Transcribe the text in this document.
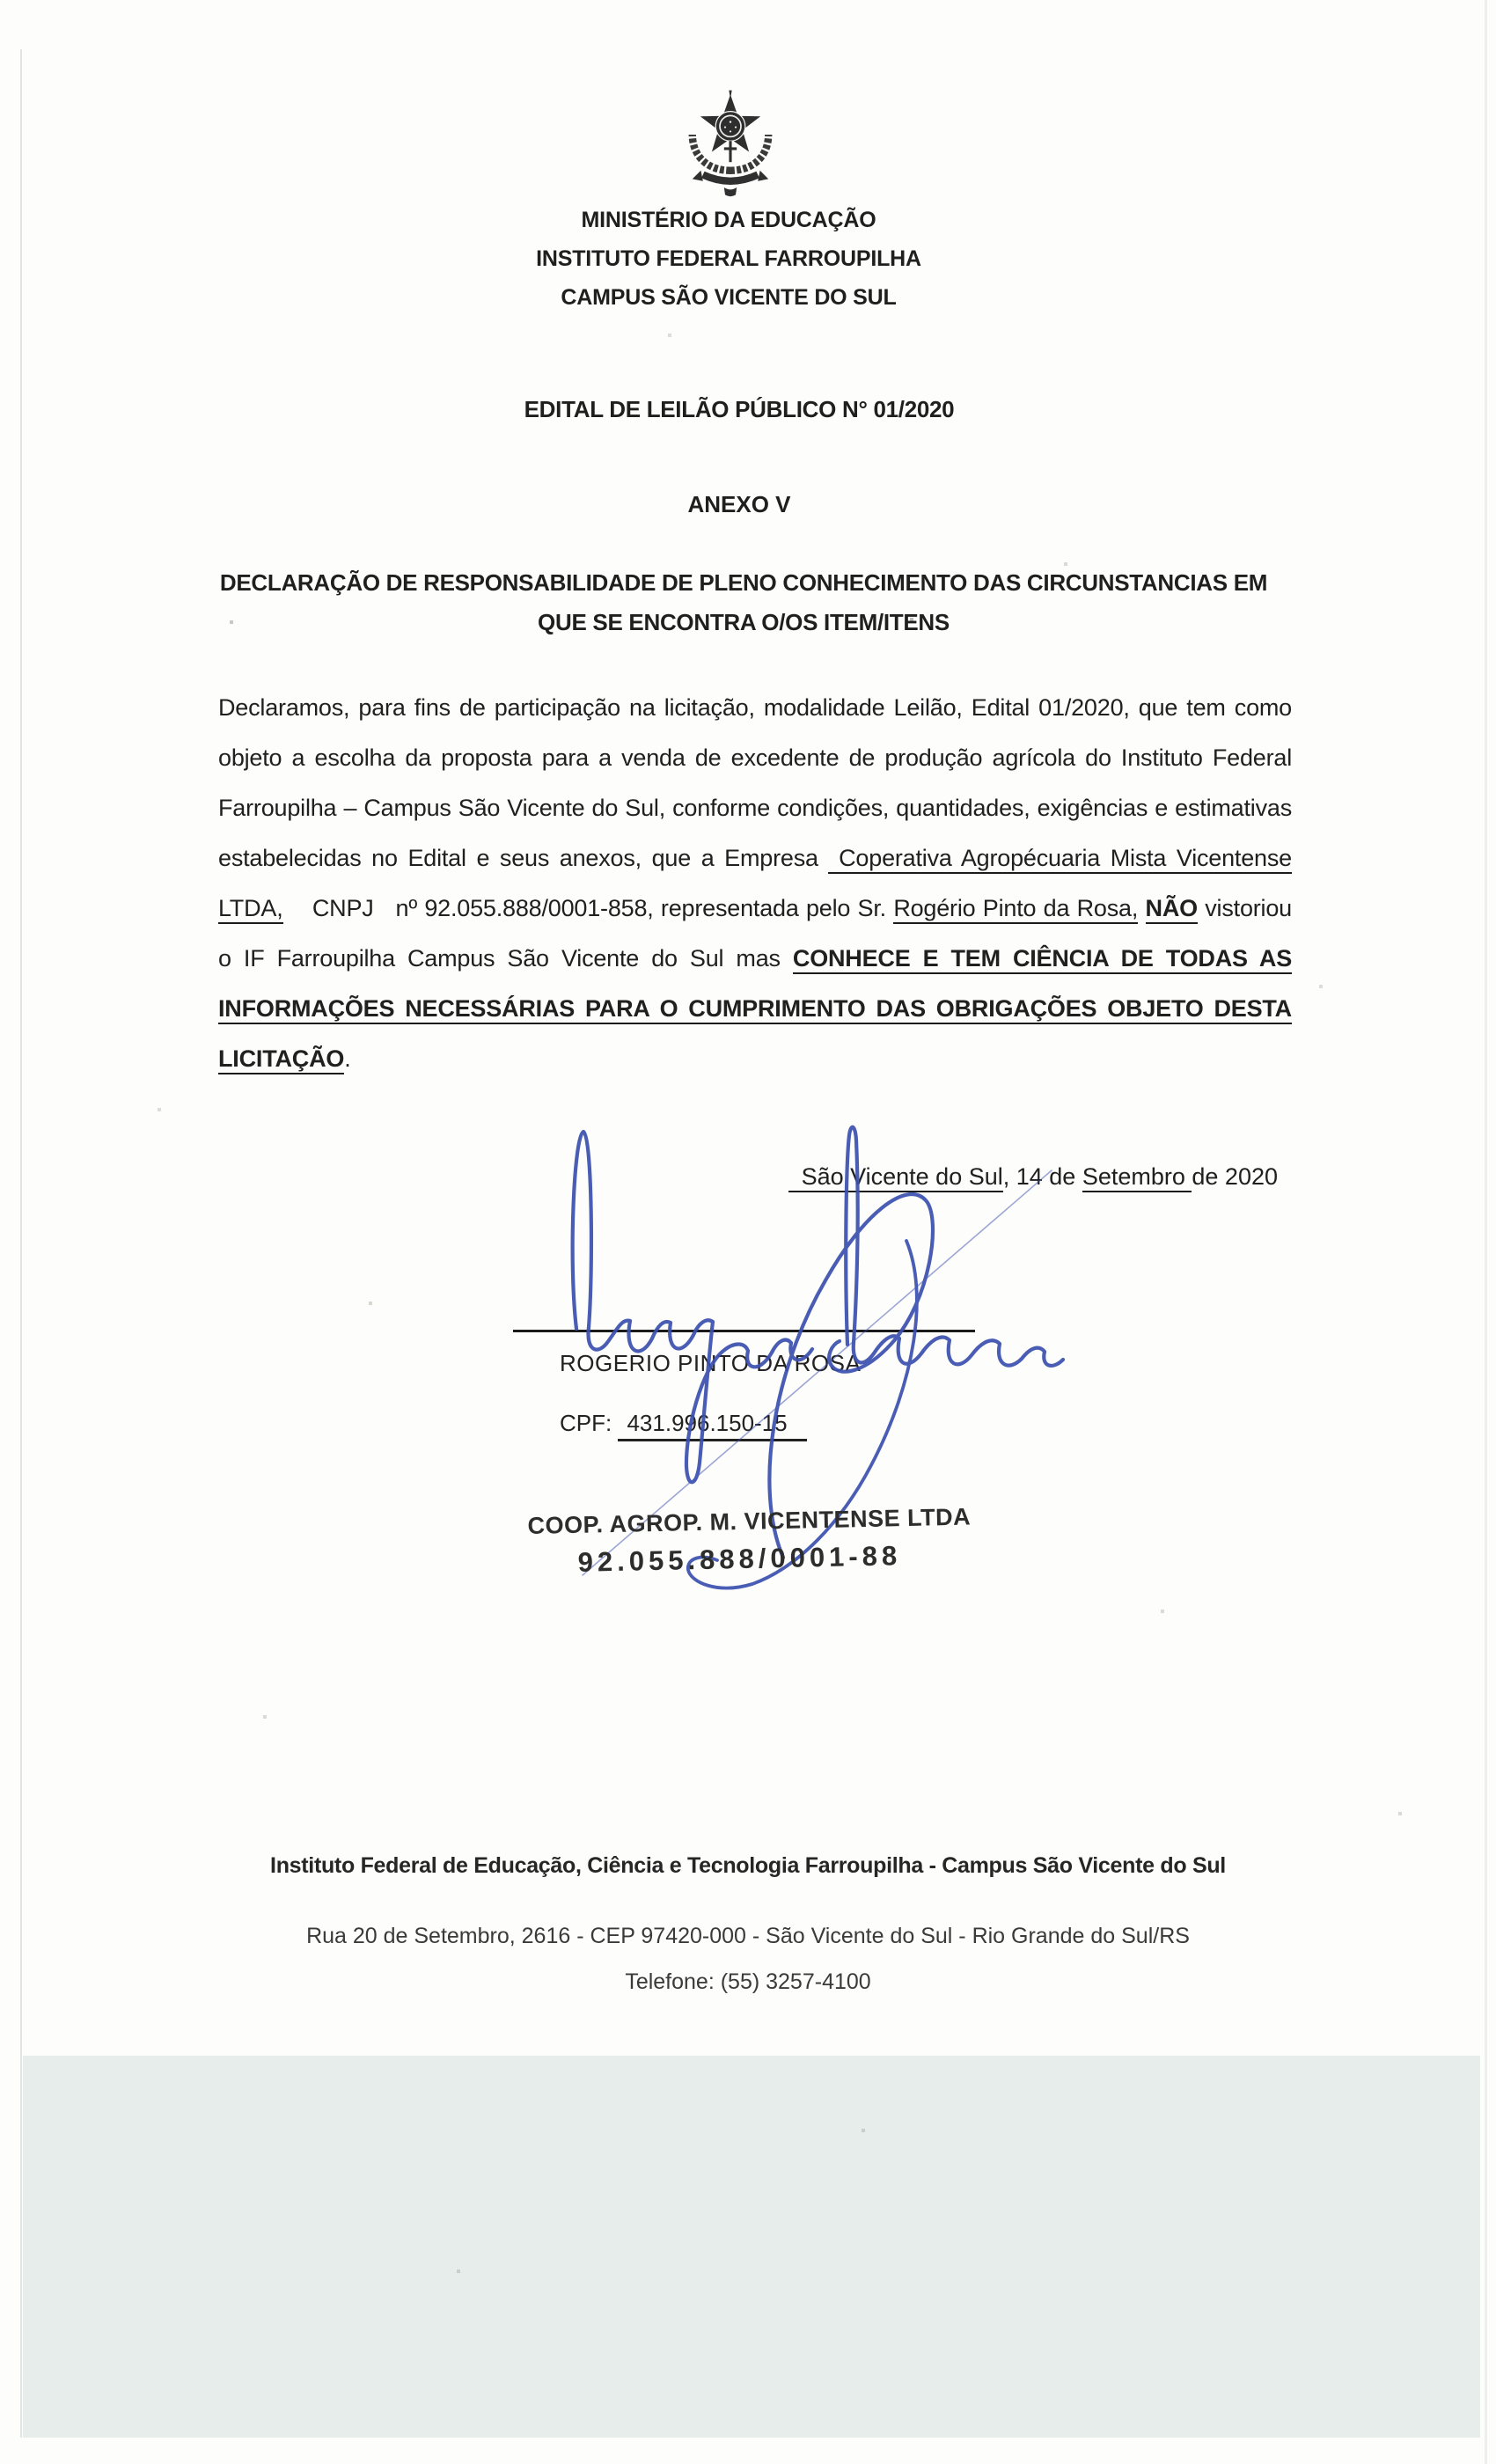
MINISTÉRIO DA EDUCAÇÃO
INSTITUTO FEDERAL FARROUPILHA
CAMPUS SÃO VICENTE DO SUL
EDITAL DE LEILÃO PÚBLICO N° 01/2020
ANEXO V
DECLARAÇÃO DE RESPONSABILIDADE DE PLENO CONHECIMENTO DAS CIRCUNSTANCIAS EM
QUE SE ENCONTRA O/OS ITEM/ITENS
Declaramos, para fins de participação na licitação, modalidade Leilão, Edital 01/2020, que tem como objeto a escolha da proposta para a venda de excedente de produção agrícola do Instituto Federal Farroupilha – Campus São Vicente do Sul, conforme condições, quantidades, exigências e estimativas estabelecidas no Edital e seus anexos, que a Empresa  Coperativa Agropécuaria Mista Vicentense LTDA,    CNPJ   nº 92.055.888/0001-858, representada pelo Sr. Rogério Pinto da Rosa, NÃO vistoriou o IF Farroupilha Campus São Vicente do Sul mas CONHECE E TEM CIÊNCIA DE TODAS AS INFORMAÇÕES NECESSÁRIAS PARA O CUMPRIMENTO DAS OBRIGAÇÕES OBJETO DESTA LICITAÇÃO.
São Vicente do Sul, 14 de Setembro de 2020
ROGERIO PINTO DA ROSA
CPF: 431.996.150-15
COOP. AGROP. M. VICENTENSE LTDA
92.055.888/0001-88
Instituto Federal de Educação, Ciência e Tecnologia Farroupilha - Campus São Vicente do Sul
Rua 20 de Setembro, 2616 - CEP 97420-000 - São Vicente do Sul - Rio Grande do Sul/RS
Telefone: (55) 3257-4100
